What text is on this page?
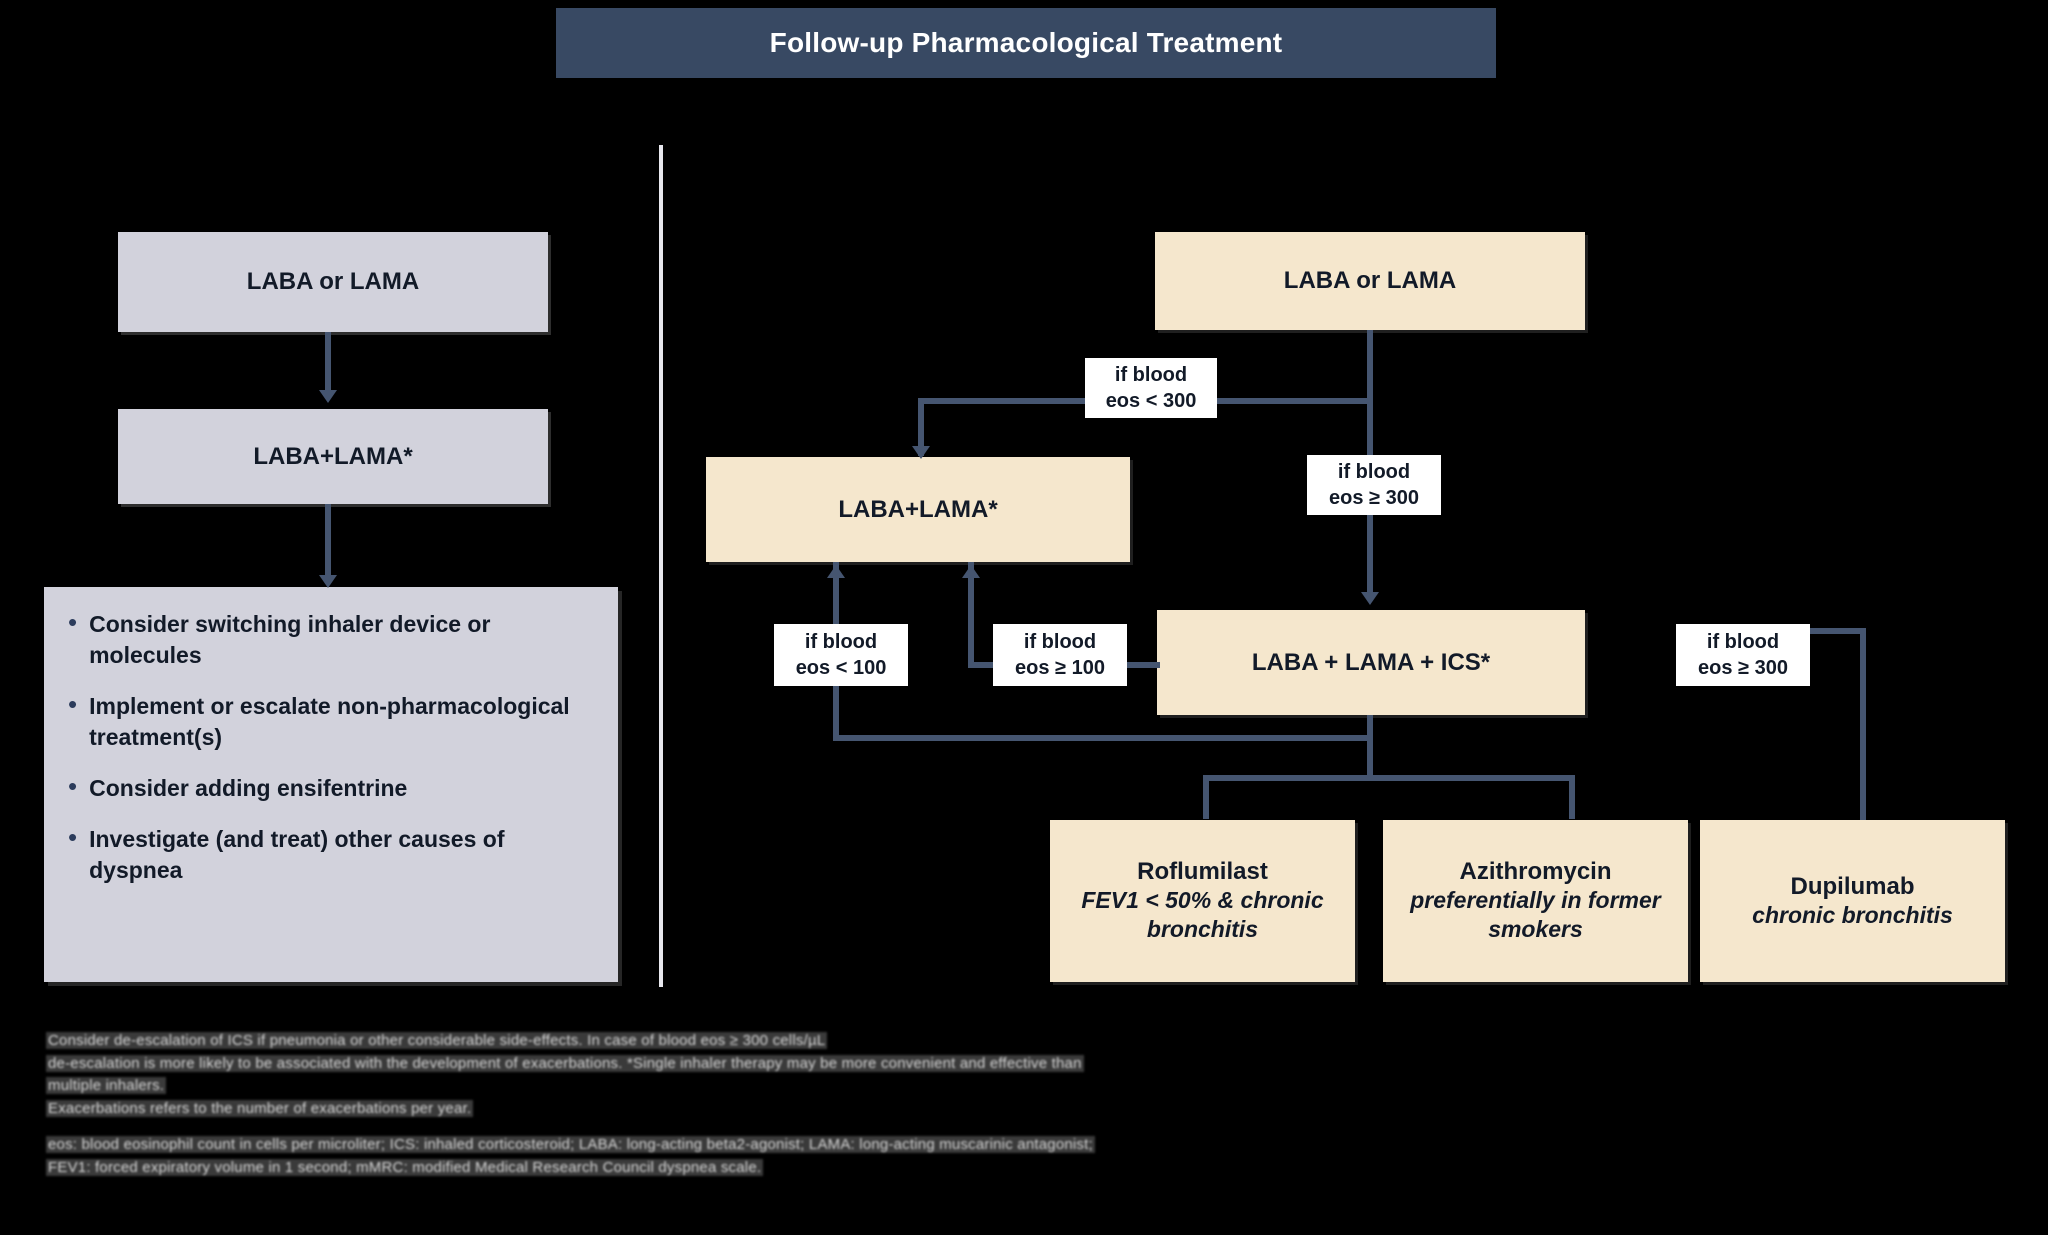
Follow-up Pharmacological Treatment
LABA or LAMA
LABA+LAMA*
• Consider switching inhaler device or molecules
• Implement or escalate non-pharmacological treatment(s)
• Consider adding ensifentrine
• Investigate (and treat) other causes of dyspnea
LABA or LAMA
if blood
eos < 300
if blood
eos ≥ 300
LABA+LAMA*
if blood
eos < 100
if blood
eos ≥ 100	LABA + LAMA + ICS*
if blood
eos ≥ 300
Roflumilast
FEV1 < 50% & chronic bronchitis
Azithromycin
preferentially in former smokers
Dupilumab
chronic bronchitis
Consider de-escalation of ICS if pneumonia or other considerable side-effects. In case of blood eos ≥ 300 cells/µL
de-escalation is more likely to be associated with the development of exacerbations. *Single inhaler therapy may be more convenient and effective than
multiple inhalers.
Exacerbations refers to the number of exacerbations per year.
eos: blood eosinophil count in cells per microliter; ICS: inhaled corticosteroid; LABA: long-acting beta2-agonist; LAMA: long-acting muscarinic antagonist;
FEV1: forced expiratory volume in 1 second; mMRC: modified Medical Research Council dyspnea scale.
